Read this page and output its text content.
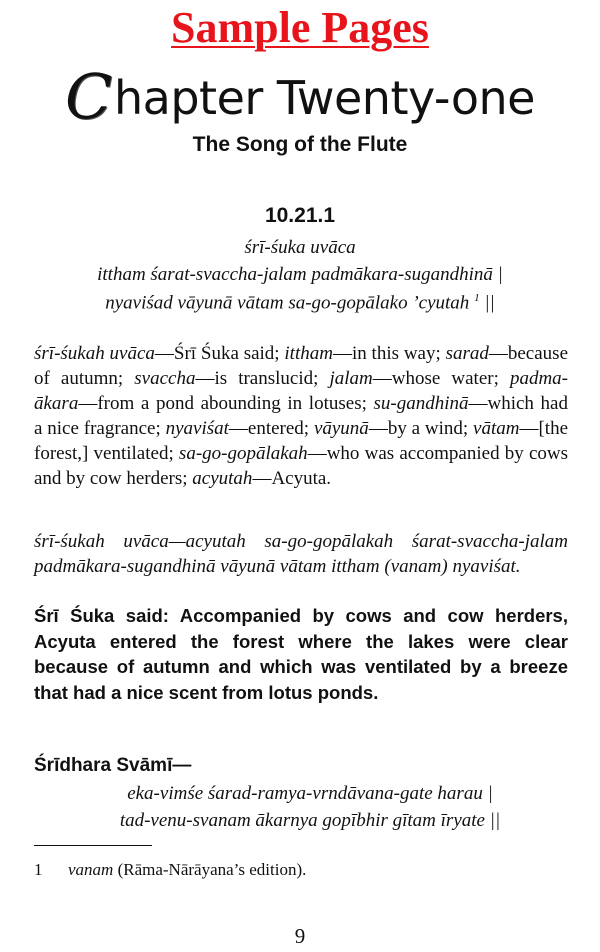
Sample Pages
Chapter Twenty-one
The Song of the Flute
10.21.1
śrī-śuka uvāca
ittham śarat-svaccha-jalam padmākara-sugandhinā |
nyaviśad vāyunā vātam sa-go-gopālako ’cyutah $^1$ ||
śrī-śukah uvāca—Śrī Śuka said; ittham—in this way; sarad—because of autumn; svaccha—is translucid; jalam—whose water; padma-ākara—from a pond abounding in lotuses; su-gandhinā—which had a nice fragrance; nyaviśat—entered; vāyunā—by a wind; vātam—[the forest,] ventilated; sa-go-gopālakah—who was accompanied by cows and by cow herders; acyutah—Acyuta.
śrī-śukah uvāca—acyutah sa-go-gopālakah śarat-svaccha-jalam padmākara-sugandhinā vāyunā vātam ittham (vanam) nyaviśat.
Śrī Śuka said: Accompanied by cows and cow herders, Acyuta entered the forest where the lakes were clear because of autumn and which was ventilated by a breeze that had a nice scent from lotus ponds.
Śrīdhara Svāmī—
eka-vimśe śarad-ramya-vrndāvana-gate harau |
tad-venu-svanam ākarnya gopībhir gītam īryate ||
1 vanam (Rāma-Nārāyana’s edition).
9
